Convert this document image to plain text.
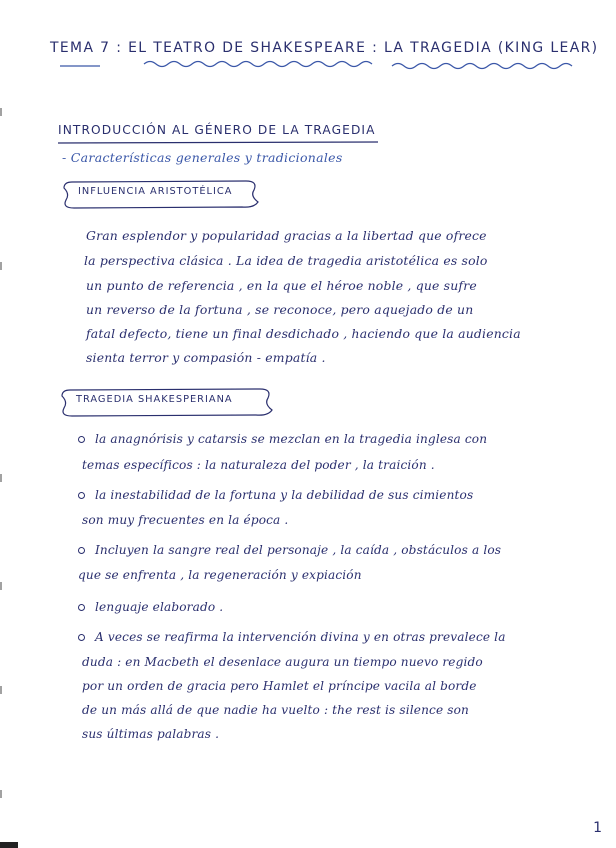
TEMA 7 : EL TEATRO DE SHAKESPEARE : LA TRAGEDIA (KING LEAR)
INTRODUCCIÓN AL GÉNERO DE LA TRAGEDIA
- Características generales y tradicionales
INFLUENCIA ARISTOTÉLICA
Gran esplendor y popularidad gracias a la libertad que ofrece
la perspectiva clásica . La idea de tragedia aristotélica es solo
un punto de referencia , en la que el héroe noble , que sufre
un reverso de la fortuna , se reconoce, pero aquejado de un
fatal defecto, tiene un final desdichado , haciendo que la audiencia
sienta terror y compasión - empatía .
TRAGEDIA SHAKESPERIANA
la anagnórisis y catarsis se mezclan en la tragedia inglesa con
temas específicos : la naturaleza del poder , la traición .
la inestabilidad de la fortuna y la debilidad de sus cimientos
son muy frecuentes en la época .
Incluyen la sangre real del personaje , la caída , obstáculos a los
que se enfrenta , la regeneración y expiación
lenguaje elaborado .
A veces se reafirma la intervención divina y en otras prevalece la
duda : en Macbeth el desenlace augura un tiempo nuevo regido
por un orden de gracia pero Hamlet el príncipe vacila al borde
de un más allá de que nadie ha vuelto : the rest is silence son
sus últimas palabras .
1
